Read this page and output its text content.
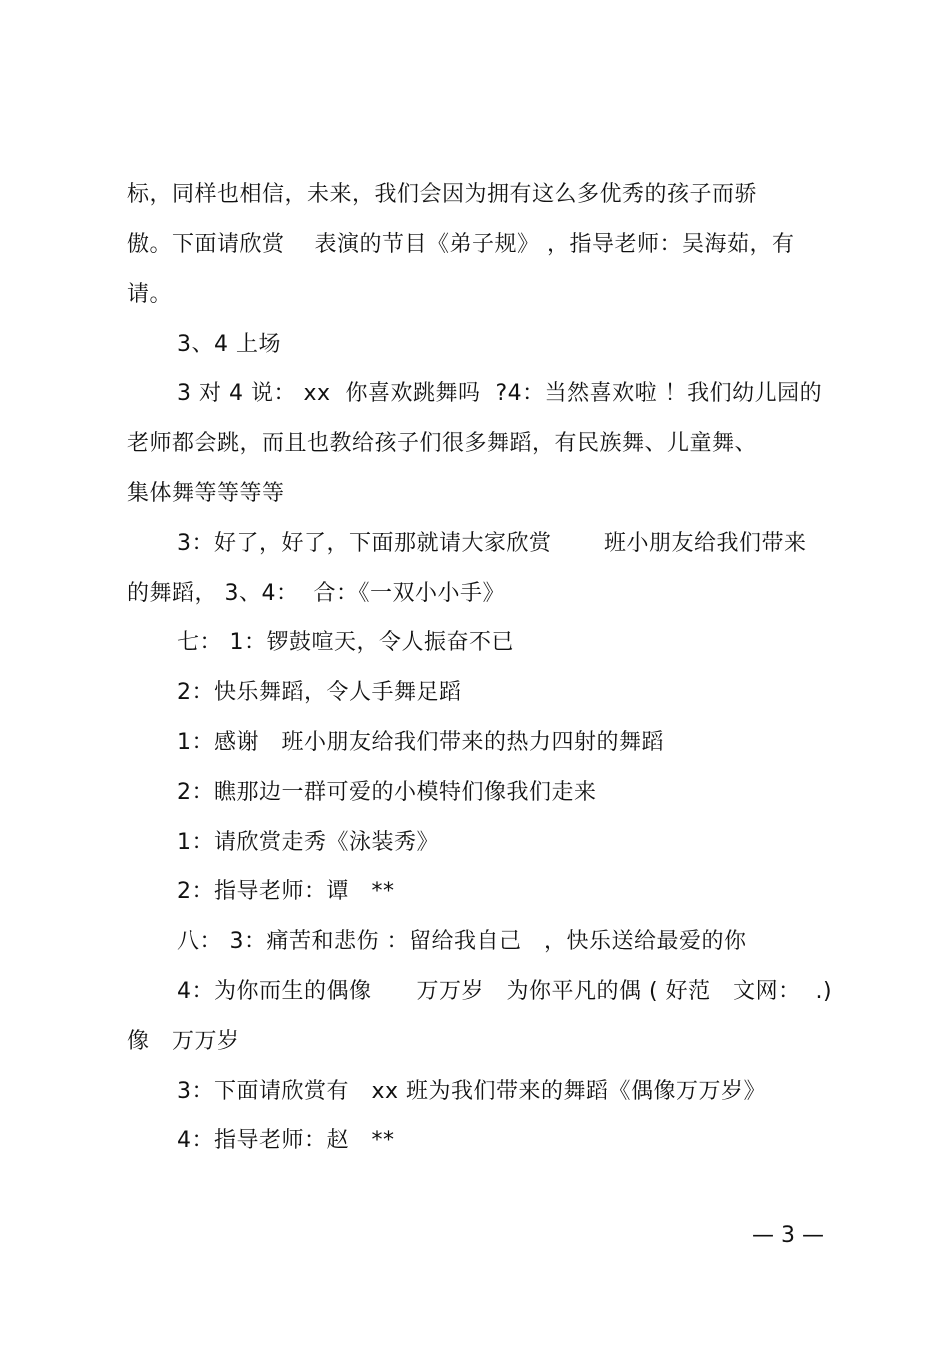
标，同样也相信，未来，我们会因为拥有这么多优秀的孩子而骄
傲。下面请欣赏　 表演的节目《弟子规》 ，指导老师：吴海茹，有
请。
3、4 上场
3 对 4 说： xx  你喜欢跳舞吗  ?4：当然喜欢啦 ！我们幼儿园的
老师都会跳，而且也教给孩子们很多舞蹈，有民族舞、儿童舞、
集体舞等等等等
3：好了，好了，下面那就请大家欣赏　　 班小朋友给我们带来
的舞蹈， 3、4：  合：《一双小小手》
七： 1：锣鼓喧天，令人振奋不已
2：快乐舞蹈，令人手舞足蹈
1：感谢　班小朋友给我们带来的热力四射的舞蹈
2：瞧那边一群可爱的小模特们像我们走来
1：请欣赏走秀《泳装秀》
2：指导老师：谭　**
八： 3：痛苦和悲伤 ：留给我自己　，快乐送给最爱的你
4：为你而生的偶像　　万万岁　为你平凡的偶 ( 好范　文网：  .)
像　万万岁
3：下面请欣赏有　xx 班为我们带来的舞蹈《偶像万万岁》
4：指导老师：赵　**
— 3 —
